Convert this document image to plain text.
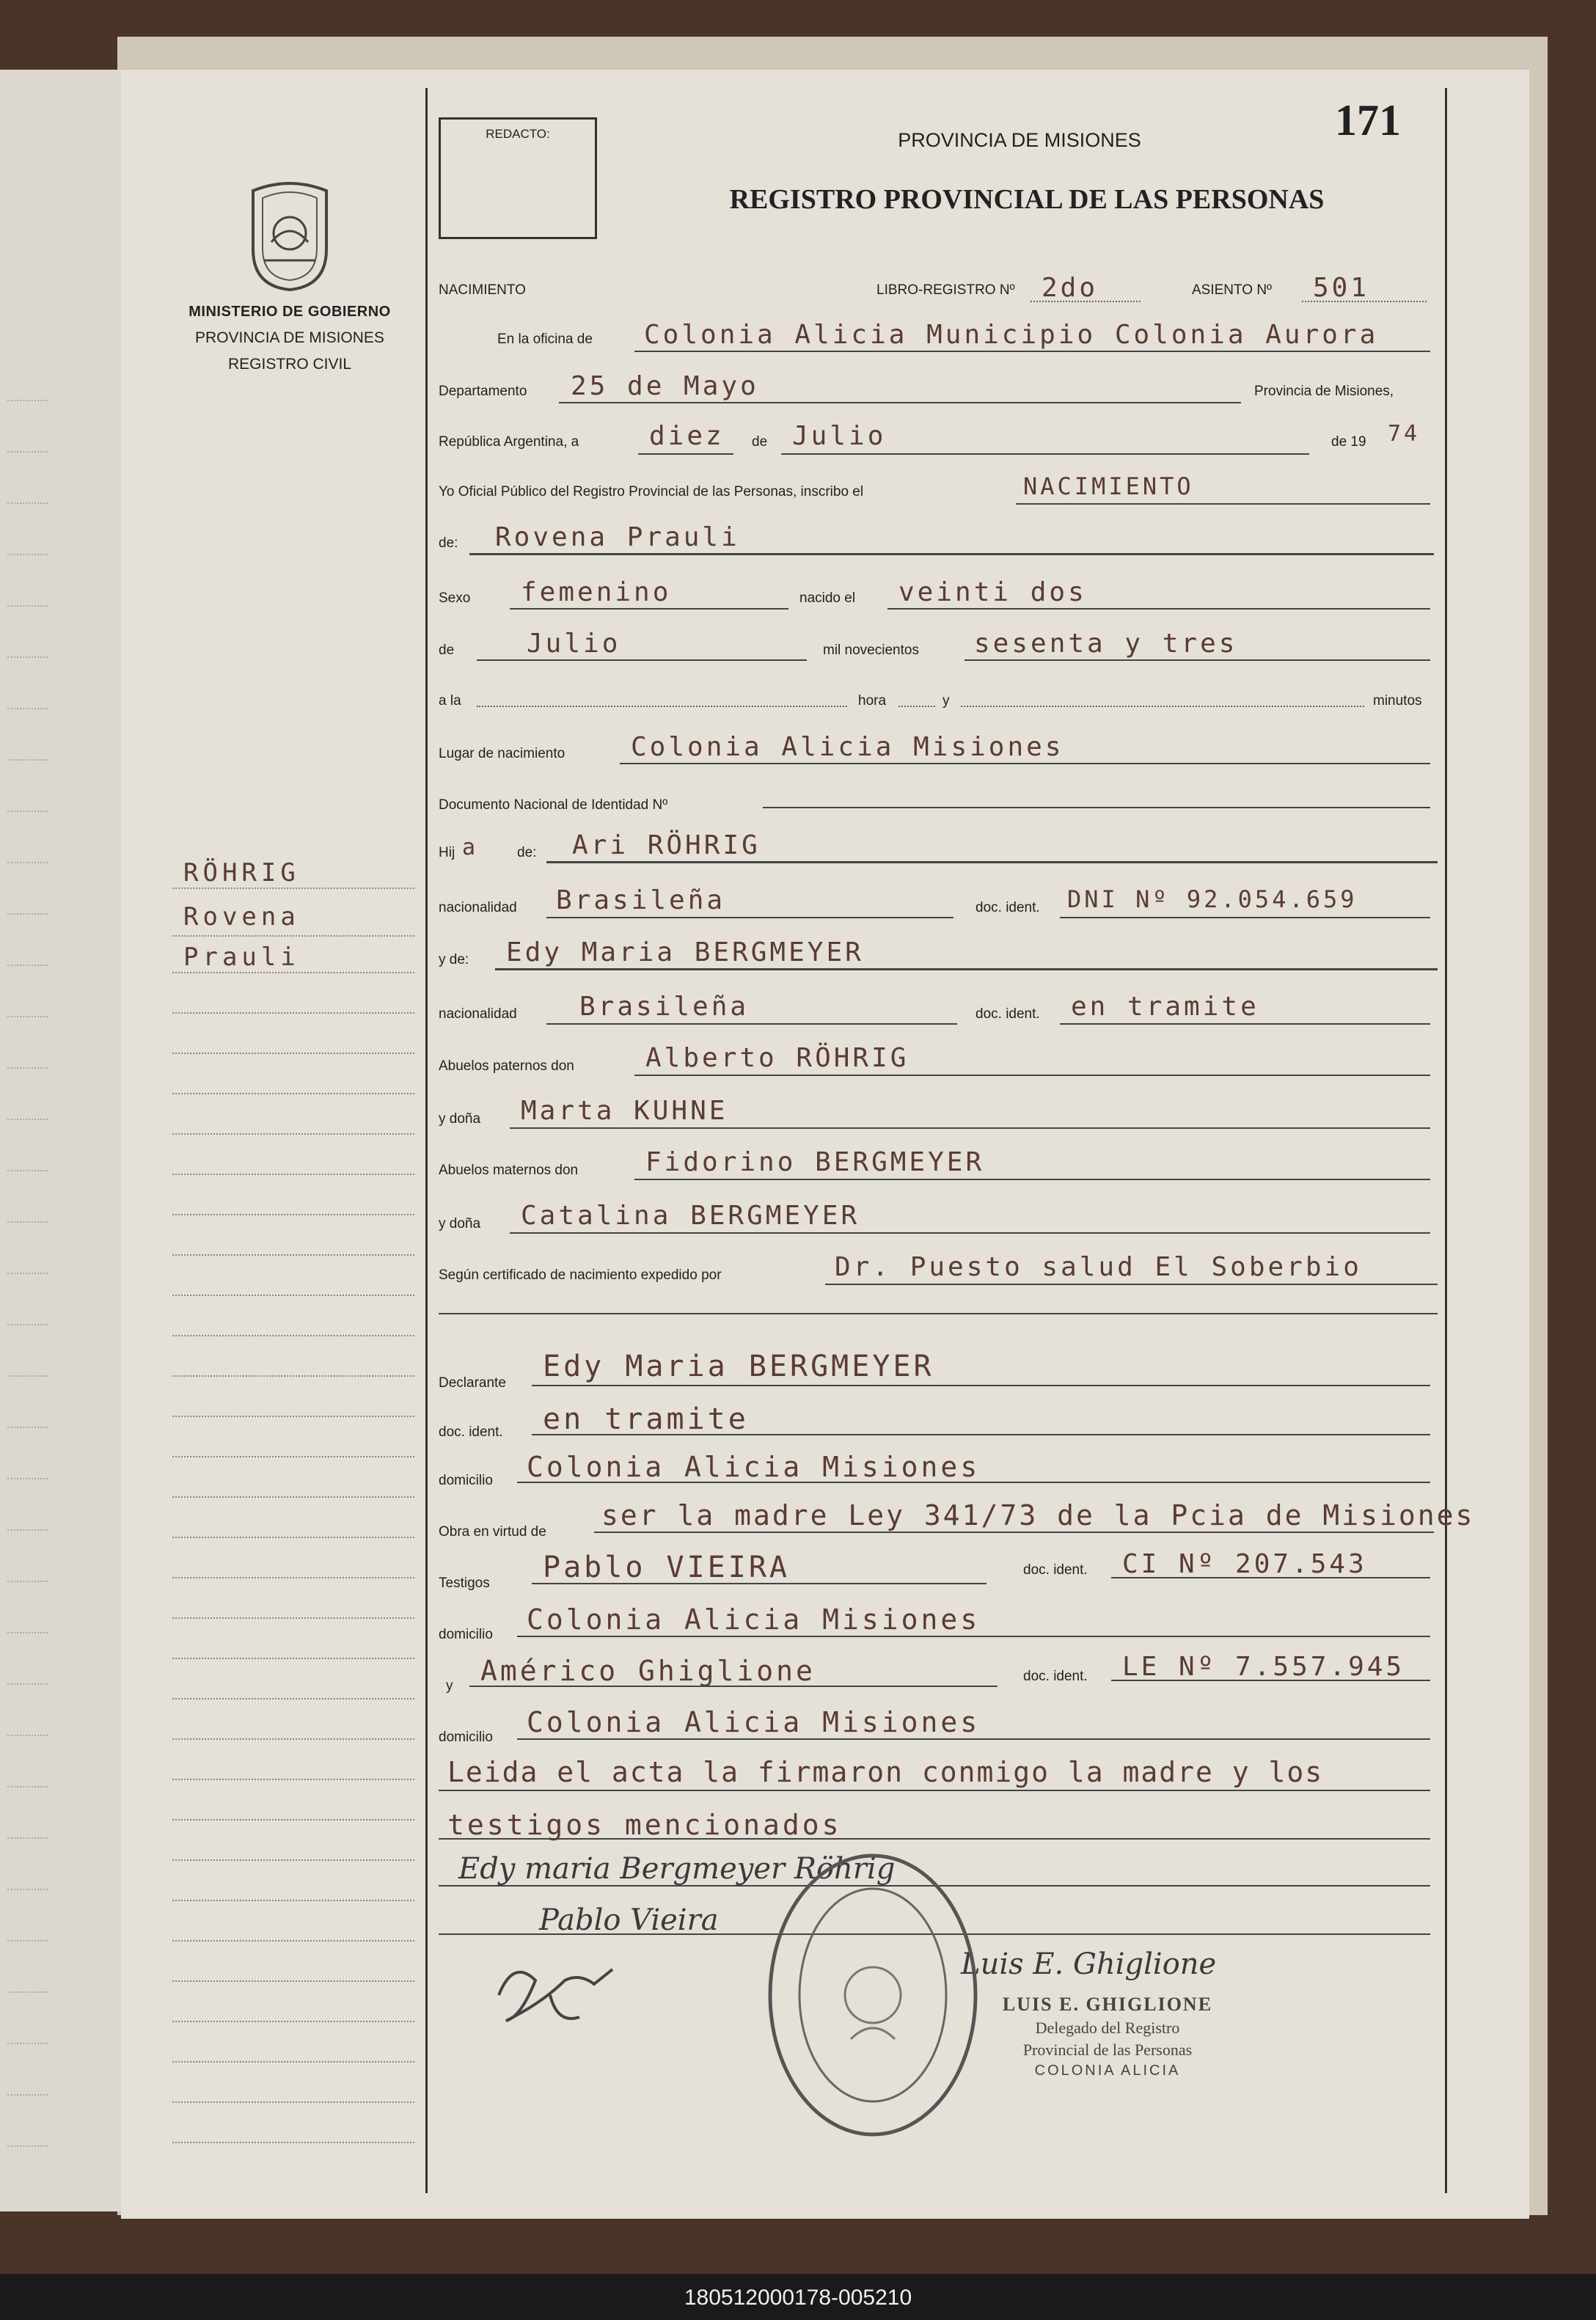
MINISTERIO DE GOBIERNO
PROVINCIA DE MISIONES
REGISTRO CIVIL
RÖHRIG
Rovena
Prauli
REDACTO:	PROVINCIA DE MISIONES
REGISTRO PROVINCIAL DE LAS PERSONAS
171
NACIMIENTO	LIBRO-REGISTRO Nº 2do	ASIENTO Nº 501
En la oficina de Colonia Alicia Municipio Colonia Aurora
Departamento 25 de Mayo	Provincia de Misiones,
República Argentina, a	diez de Julio	de 19 74
Yo Oficial Público del Registro Provincial de las Personas, inscribo el	NACIMIENTO
de: Rovena Prauli
Sexo femenino	nacido el veinti dos
de	Julio	mil novecientos sesenta y tres
a la	hora	y	minutos
Lugar de nacimiento Colonia Alicia Misiones
Documento Nacional de Identidad Nº
Hij a	de: Ari RÖHRIG
nacionalidad Brasileña	doc. ident. DNI Nº 92.054.659
y de: Edy Maria BERGMEYER
nacionalidad Brasileña	doc. ident. en tramite
Abuelos paternos don	Alberto RÖHRIG
y doña Marta KUHNE
Abuelos maternos don	Fidorino BERGMEYER
y doña Catalina BERGMEYER
Según certificado de nacimiento expedido por	Dr. Puesto salud El Soberbio
Declarante Edy Maria BERGMEYER
doc. ident. en tramite
domicilio Colonia Alicia Misiones
Obra en virtud de
ser la madre Ley 341/73 de la Pcia de Misiones
Testigos Pablo VIEIRA	doc. ident. CI Nº 207.543
domicilio Colonia Alicia Misiones
y Américo Ghiglione	doc. ident. LE Nº 7.557.945
domicilio Colonia Alicia Misiones
Leida el acta la firmaron conmigo la madre y los
testigos mencionados
Edy maria Bergmeyer Röhrig
Pablo Vieira
Luis E. Ghiglione
LUIS E. GHIGLIONE
Delegado del Registro
Provincial de las Personas
COLONIA ALICIA
180512000178-005210
